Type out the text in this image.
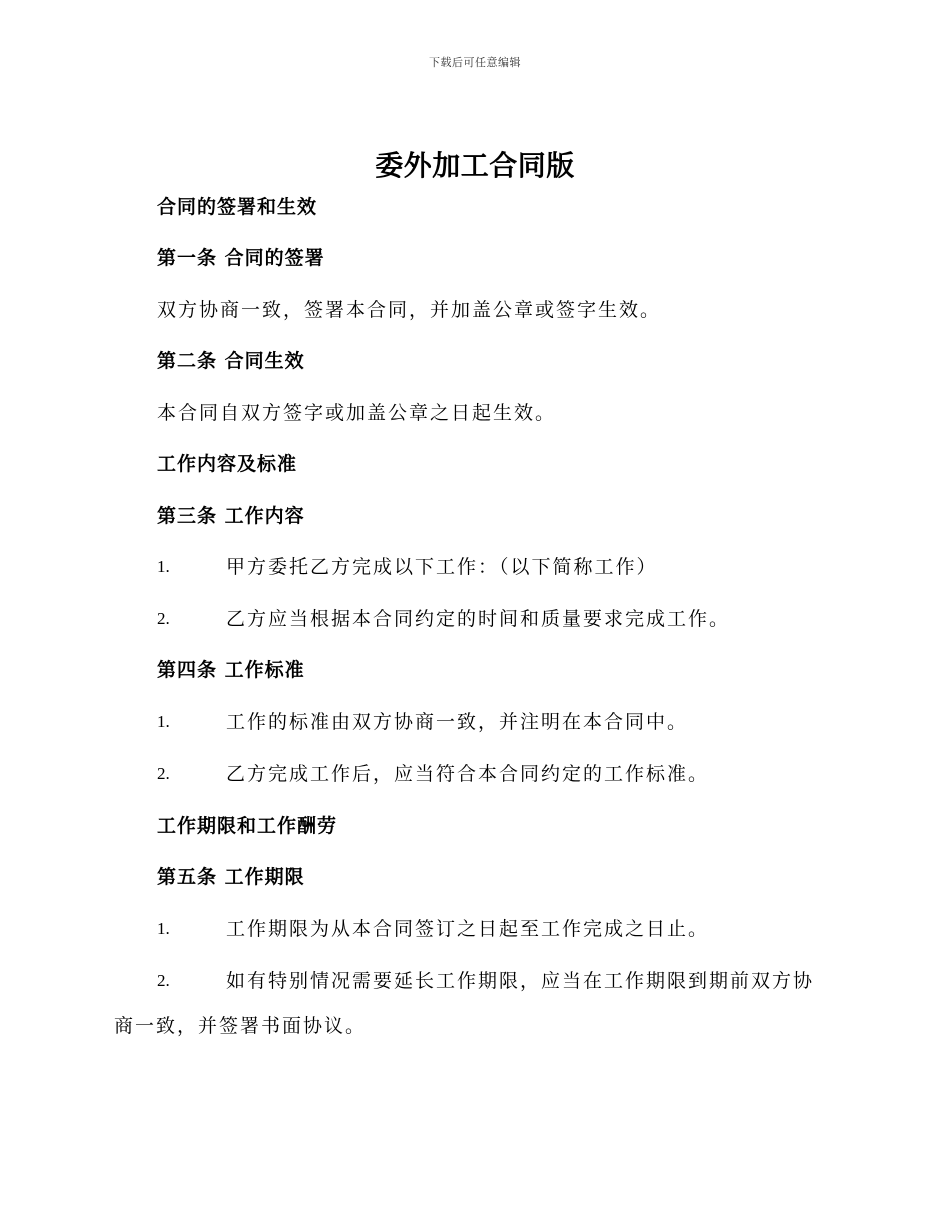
下载后可任意编辑
委外加工合同版
合同的签署和生效
第一条 合同的签署
双方协商一致，签署本合同，并加盖公章或签字生效。
第二条 合同生效
本合同自双方签字或加盖公章之日起生效。
工作内容及标准
第三条 工作内容
1.	甲方委托乙方完成以下工作：（以下简称工作）
2.	乙方应当根据本合同约定的时间和质量要求完成工作。
第四条 工作标准
1.	工作的标准由双方协商一致，并注明在本合同中。
2.	乙方完成工作后，应当符合本合同约定的工作标准。
工作期限和工作酬劳
第五条 工作期限
1.	工作期限为从本合同签订之日起至工作完成之日止。
2.	如有特别情况需要延长工作期限，应当在工作期限到期前双方协
商一致，并签署书面协议。
